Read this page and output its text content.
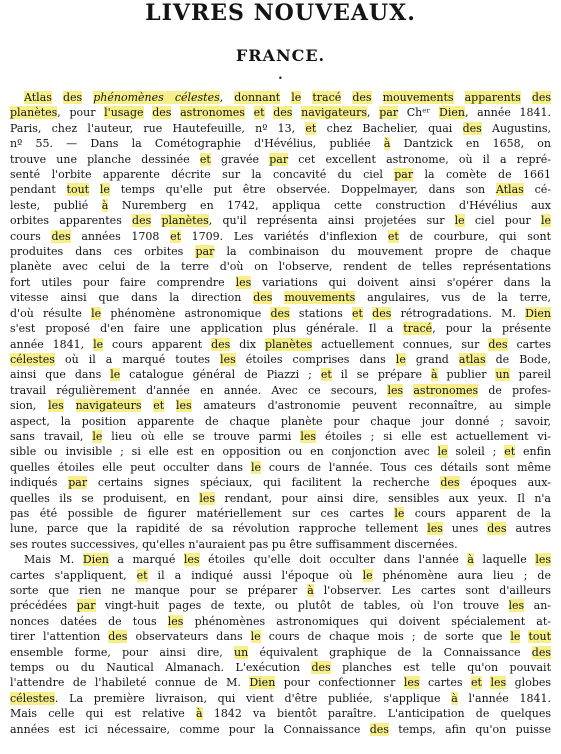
LIVRES NOUVEAUX.
FRANCE.
•
Atlas des phénomènes célestes, donnant le tracé des mouvements apparents des
planètes, pour l'usage des astronomes et des navigateurs, par Chᵉʳ Dien, année 1841.
Paris, chez l'auteur, rue Hautefeuille, nº 13, et chez Bachelier, quai des Augustins,
nº 55. — Dans la Cométographie d'Hévélius, publiée à Dantzick en 1658, on
trouve une planche dessinée et gravée par cet excellent astronome, où il a repré-
senté l'orbite apparente décrite sur la concavité du ciel par la comète de 1661
pendant tout le temps qu'elle put être observée. Doppelmayer, dans son Atlas cé-
leste, publié à Nuremberg en 1742, appliqua cette construction d'Hévélius aux
orbites apparentes des planètes, qu'il représenta ainsi projetées sur le ciel pour le
cours des années 1708 et 1709. Les variétés d'inflexion et de courbure, qui sont
produites dans ces orbites par la combinaison du mouvement propre de chaque
planète avec celui de la terre d'où on l'observe, rendent de telles représentations
fort utiles pour faire comprendre les variations qui doivent ainsi s'opérer dans la
vitesse ainsi que dans la direction des mouvements angulaires, vus de la terre,
d'où résulte le phénomène astronomique des stations et des rétrogradations. M. Dien
s'est proposé d'en faire une application plus générale. Il a tracé, pour la présente
année 1841, le cours apparent des dix planètes actuellement connues, sur des cartes
célestes où il a marqué toutes les étoiles comprises dans le grand atlas de Bode,
ainsi que dans le catalogue général de Piazzi ; et il se prépare à publier un pareil
travail régulièrement d'année en année. Avec ce secours, les astronomes de profes-
sion, les navigateurs et les amateurs d'astronomie peuvent reconnaître, au simple
aspect, la position apparente de chaque planète pour chaque jour donné ; savoir,
sans travail, le lieu où elle se trouve parmi les étoiles ; si elle est actuellement vi-
sible ou invisible ; si elle est en opposition ou en conjonction avec le soleil ; et enfin
quelles étoiles elle peut occulter dans le cours de l'année. Tous ces détails sont même
indiqués par certains signes spéciaux, qui facilitent la recherche des époques aux-
quelles ils se produisent, en les rendant, pour ainsi dire, sensibles aux yeux. Il n'a
pas été possible de figurer matériellement sur ces cartes le cours apparent de la
lune, parce que la rapidité de sa révolution rapproche tellement les unes des autres
ses routes successives, qu'elles n'auraient pas pu être suffisamment discernées.
Mais M. Dien a marqué les étoiles qu'elle doit occulter dans l'année à laquelle les
cartes s'appliquent, et il a indiqué aussi l'époque où le phénomène aura lieu ; de
sorte que rien ne manque pour se préparer à l'observer. Les cartes sont d'ailleurs
précédées par vingt-huit pages de texte, ou plutôt de tables, où l'on trouve les an-
nonces datées de tous les phénomènes astronomiques qui doivent spécialement at-
tirer l'attention des observateurs dans le cours de chaque mois ; de sorte que le tout
ensemble forme, pour ainsi dire, un équivalent graphique de la Connaissance des
temps ou du Nautical Almanach. L'exécution des planches est telle qu'on pouvait
l'attendre de l'habileté connue de M. Dien pour confectionner les cartes et les globes
célestes. La première livraison, qui vient d'être publiée, s'applique à l'année 1841.
Mais celle qui est relative à 1842 va bientôt paraître. L'anticipation de quelques
années est ici nécessaire, comme pour la Connaissance des temps, afin qu'on puisse
